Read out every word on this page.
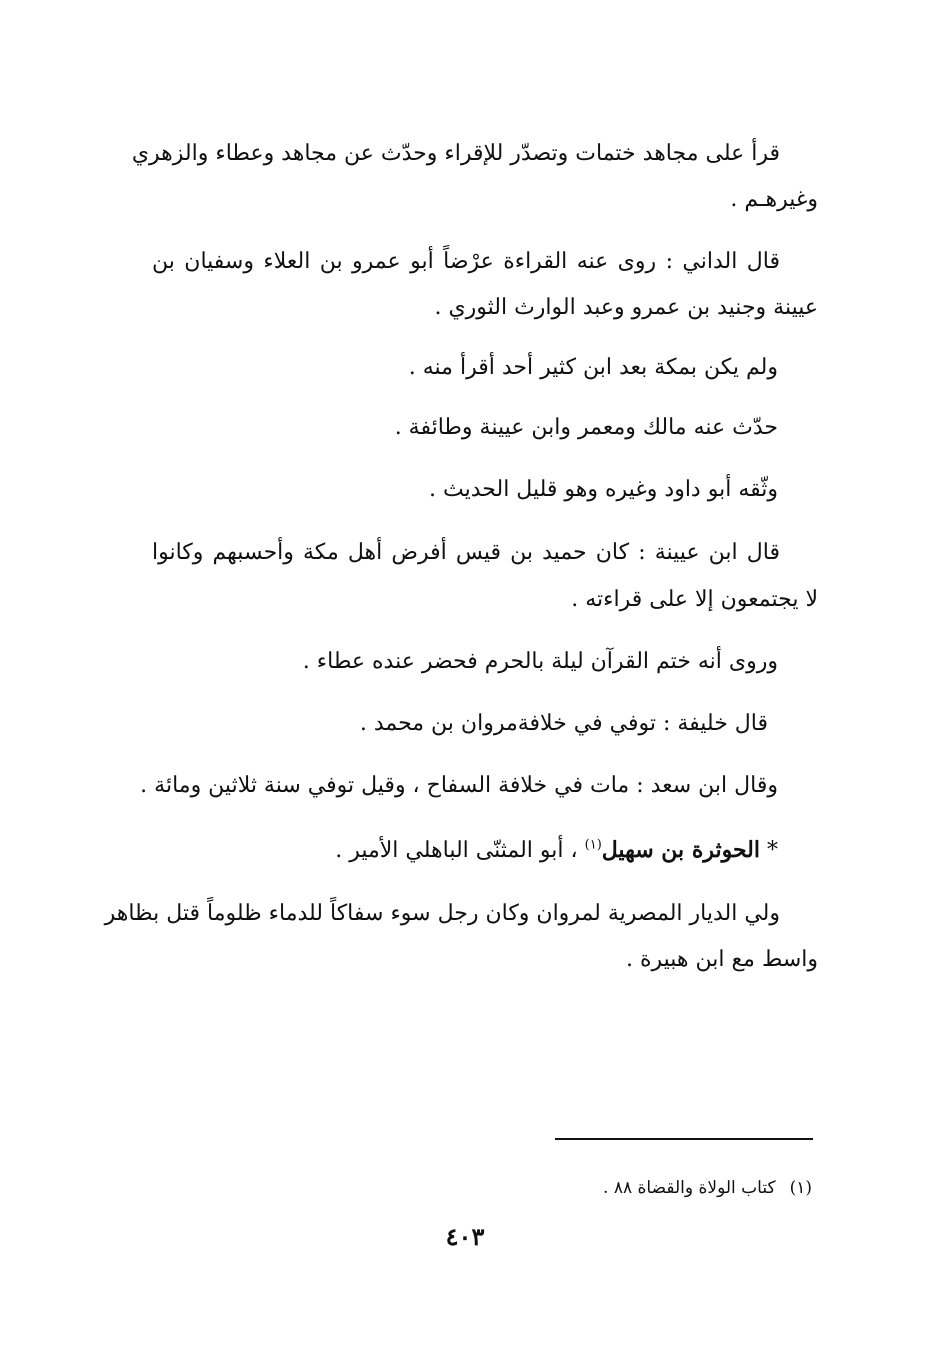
قرأ على مجاهد ختمات وتصدّر للإقراء وحدّث عن مجاهد وعطاء والزهري

وغيرهـم .

قال الداني : روى عنه القراءة عرْضاً أبو عمرو بن العلاء وسفيان بن

عيينة وجنيد بن عمرو وعبد الوارث الثوري .

ولم يكن بمكة بعد ابن كثير أحد أقرأ منه .

حدّث عنه مالك ومعمر وابن عيينة وطائفة .

وثّقه أبو داود وغيره وهو قليل الحديث .

قال ابن عيينة : كان حميد بن قيس أفرض أهل مكة وأحسبهم وكانوا

لا يجتمعون إلا على قراءته .

وروى أنه ختم القرآن ليلة بالحرم فحضر عنده عطاء .

قال خليفة : توفي في خلافةمروان بن محمد .

وقال ابن سعد : مات في خلافة السفاح ، وقيل توفي سنة ثلاثين ومائة .

* الحوثرة بن سهيل$^{(١)}$ ، أبو المثنّى الباهلي الأمير .

ولي الديار المصرية لمروان وكان رجل سوء سفاكاً للدماء ظلوماً قتل بظاهر

واسط مع ابن هبيرة .

(١)كتاب الولاة والقضاة ٨٨ .
٤٠٣
